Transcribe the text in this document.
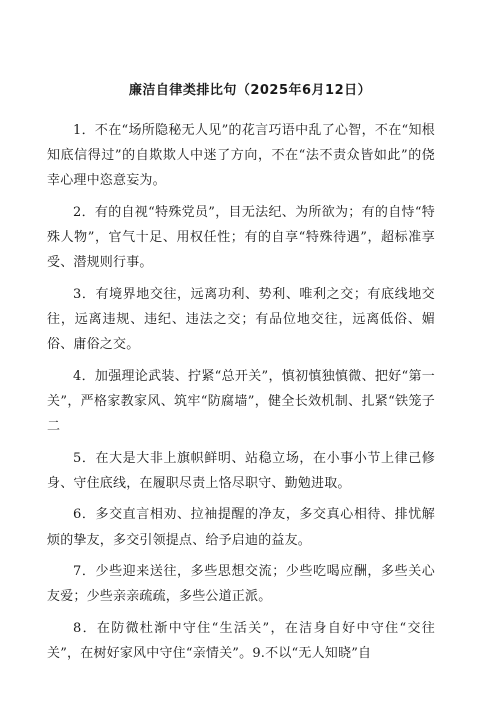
廉洁自律类排比句（2025年6月12日）

1．不在“场所隐秘无人见”的花言巧语中乱了心智，不在“知根知底信得过”的自欺欺人中迷了方向，不在“法不责众皆如此”的侥幸心理中恣意妄为。

2．有的自视“特殊党员”，目无法纪、为所欲为；有的自恃“特殊人物”，官气十足、用权任性；有的自享“特殊待遇”，超标准享受、潜规则行事。

3．有境界地交往，远离功利、势利、唯利之交；有底线地交往，远离违规、违纪、违法之交；有品位地交往，远离低俗、媚俗、庸俗之交。

4．加强理论武装、拧紧“总开关”，慎初慎独慎微、把好“第一关”，严格家教家风、筑牢“防腐墙”，健全长效机制、扎紧“铁笼子二

5．在大是大非上旗帜鲜明、站稳立场，在小事小节上律己修身、守住底线，在履职尽责上恪尽职守、勤勉进取。

6．多交直言相劝、拉袖提醒的净友，多交真心相待、排忧解烦的挚友，多交引领提点、给予启迪的益友。

7．少些迎来送往，多些思想交流；少些吃喝应酬，多些关心友爱；少些亲亲疏疏，多些公道正派。

8．在防微杜渐中守住“生活关”，在洁身自好中守住“交往关”，在树好家风中守住“亲情关”。9.不以“无人知晓”自
